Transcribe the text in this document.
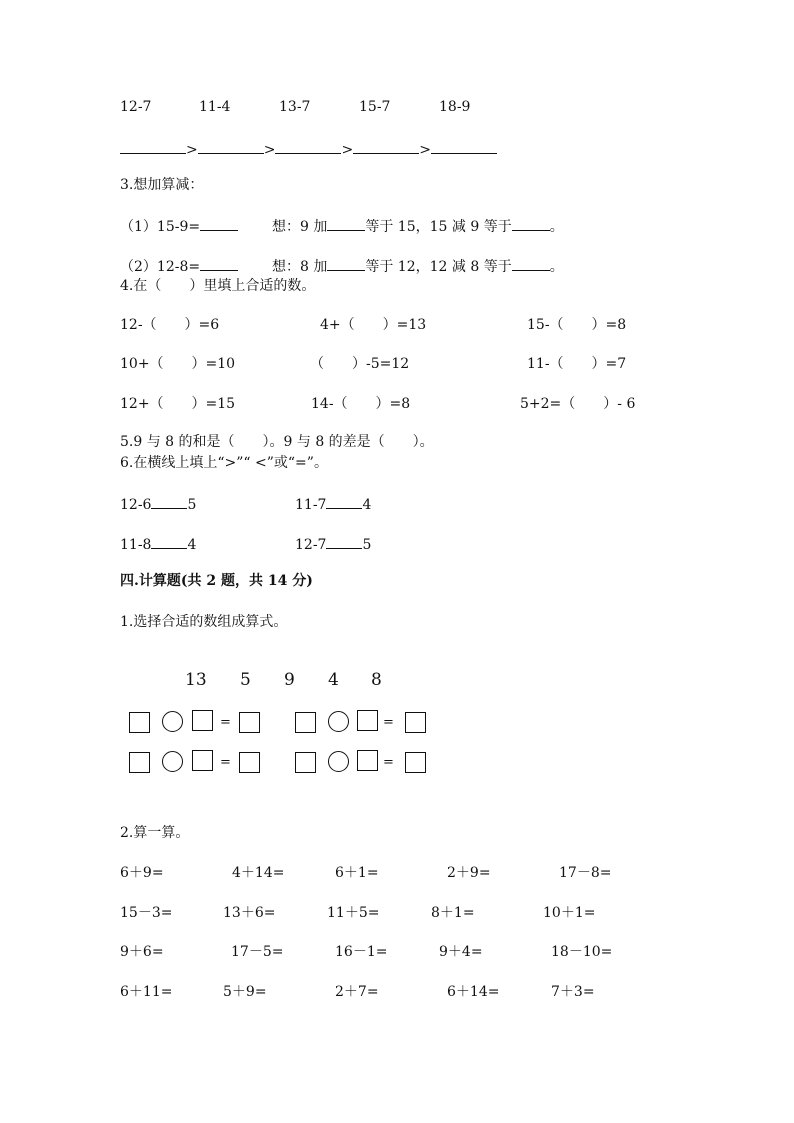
12-7	11-4	13-7	15-7	18-9
>	>	>	>
3.想加算减：
（1）15-9=	想：9 加	等于 15，15 减 9 等于	。
（2）12-8=	想：8 加	等于 12，12 减 8 等于	。
4.在（　　）里填上合适的数。
12-（　　）=6	4+（　　）=13	15-（　　）=8
10+（　　）=10	（　　）-5=12	11-（　　）=7
12+（　　）=15	14-（　　）=8	5+2=（　　）- 6
5.9 与 8 的和是（　　）。9 与 8 的差是（　　）。
6.在横线上填上“>”“ <”或“=”。
12-6	5	11-7	4
11-8	4	12-7	5
四.计算题(共 2 题，共 14 分)
1.选择合适的数组成算式。
13 5 9 4 8
=	=
=	=
2.算一算。
6＋9=	4＋14=	6＋1=	2＋9=	17－8=
15－3=	13＋6=	11＋5=	8＋1=	10＋1=
9＋6=	17－5=	16－1=	9＋4=	18－10=
6＋11=	5＋9=	2＋7=	6＋14=	7＋3=
